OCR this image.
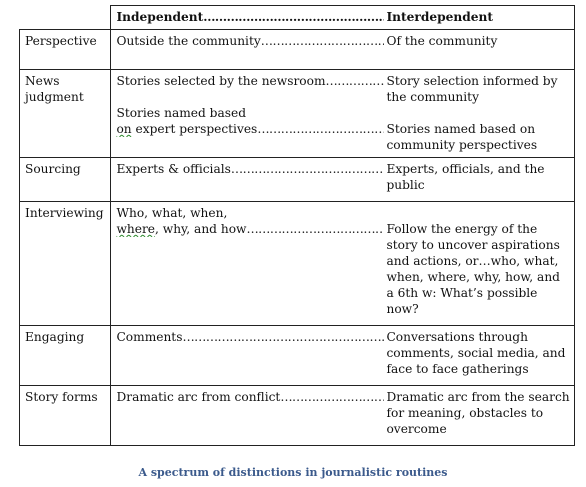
	Independent ………………………………………………………………………………………………………………… Interdependent

Perspective	Outside the community ………………………………………………………………………………………………………………… Of the community

News judgment	Stories selected by the newsroom ………………………………………………………………………………………………………………… Story selection informed by the community
Stories named based
on expert perspectives ………………………………………………………………………………………………………………… Stories named based on community perspectives

Sourcing	Experts & officials ………………………………………………………………………………………………………………… Experts, officials, and the public

Interviewing	Who, what, when,
where, why, and how ………………………………………………………………………………………………………………… Follow the energy of the story to uncover aspirations and actions, or…who, what, when, where, why, how, and a 6th w: What’s possible now?

Engaging	Comments ………………………………………………………………………………………………………………… Conversations through comments, social media, and face to face gatherings

Story forms	Dramatic arc from conflict ………………………………………………………………………………………………………………… Dramatic arc from the search for meaning, obstacles to overcome
A spectrum of distinctions in journalistic routines
